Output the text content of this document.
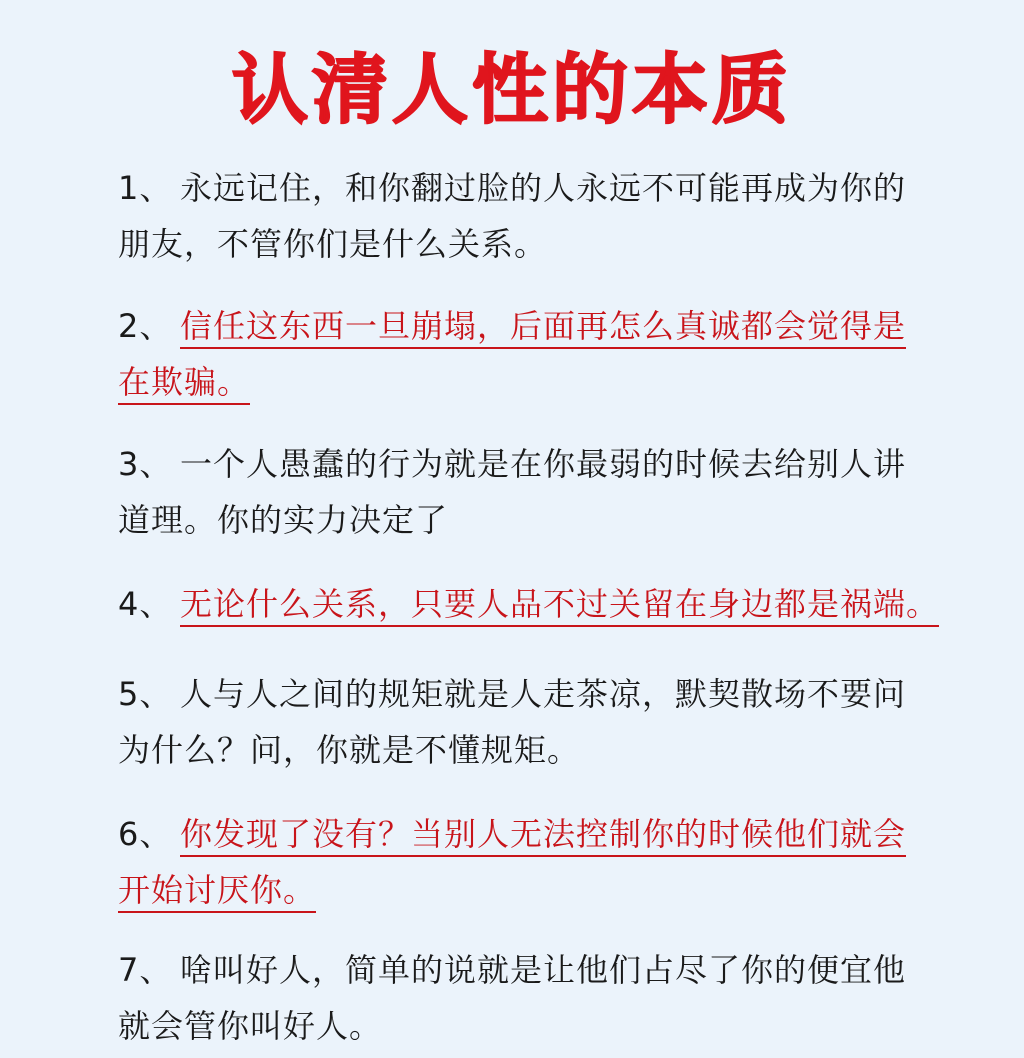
认清人性的本质
1、 永远记住，和你翻过脸的人永远不可能再成为你的
朋友，不管你们是什么关系。
2、 信任这东西一旦崩塌，后面再怎么真诚都会觉得是
在欺骗。
3、 一个人愚蠢的行为就是在你最弱的时候去给别人讲
道理。你的实力决定了
4、 无论什么关系，只要人品不过关留在身边都是祸端。
5、 人与人之间的规矩就是人走茶凉，默契散场不要问
为什么？问，你就是不懂规矩。
6、 你发现了没有？当别人无法控制你的时候他们就会
开始讨厌你。
7、 啥叫好人，简单的说就是让他们占尽了你的便宜他
就会管你叫好人。
